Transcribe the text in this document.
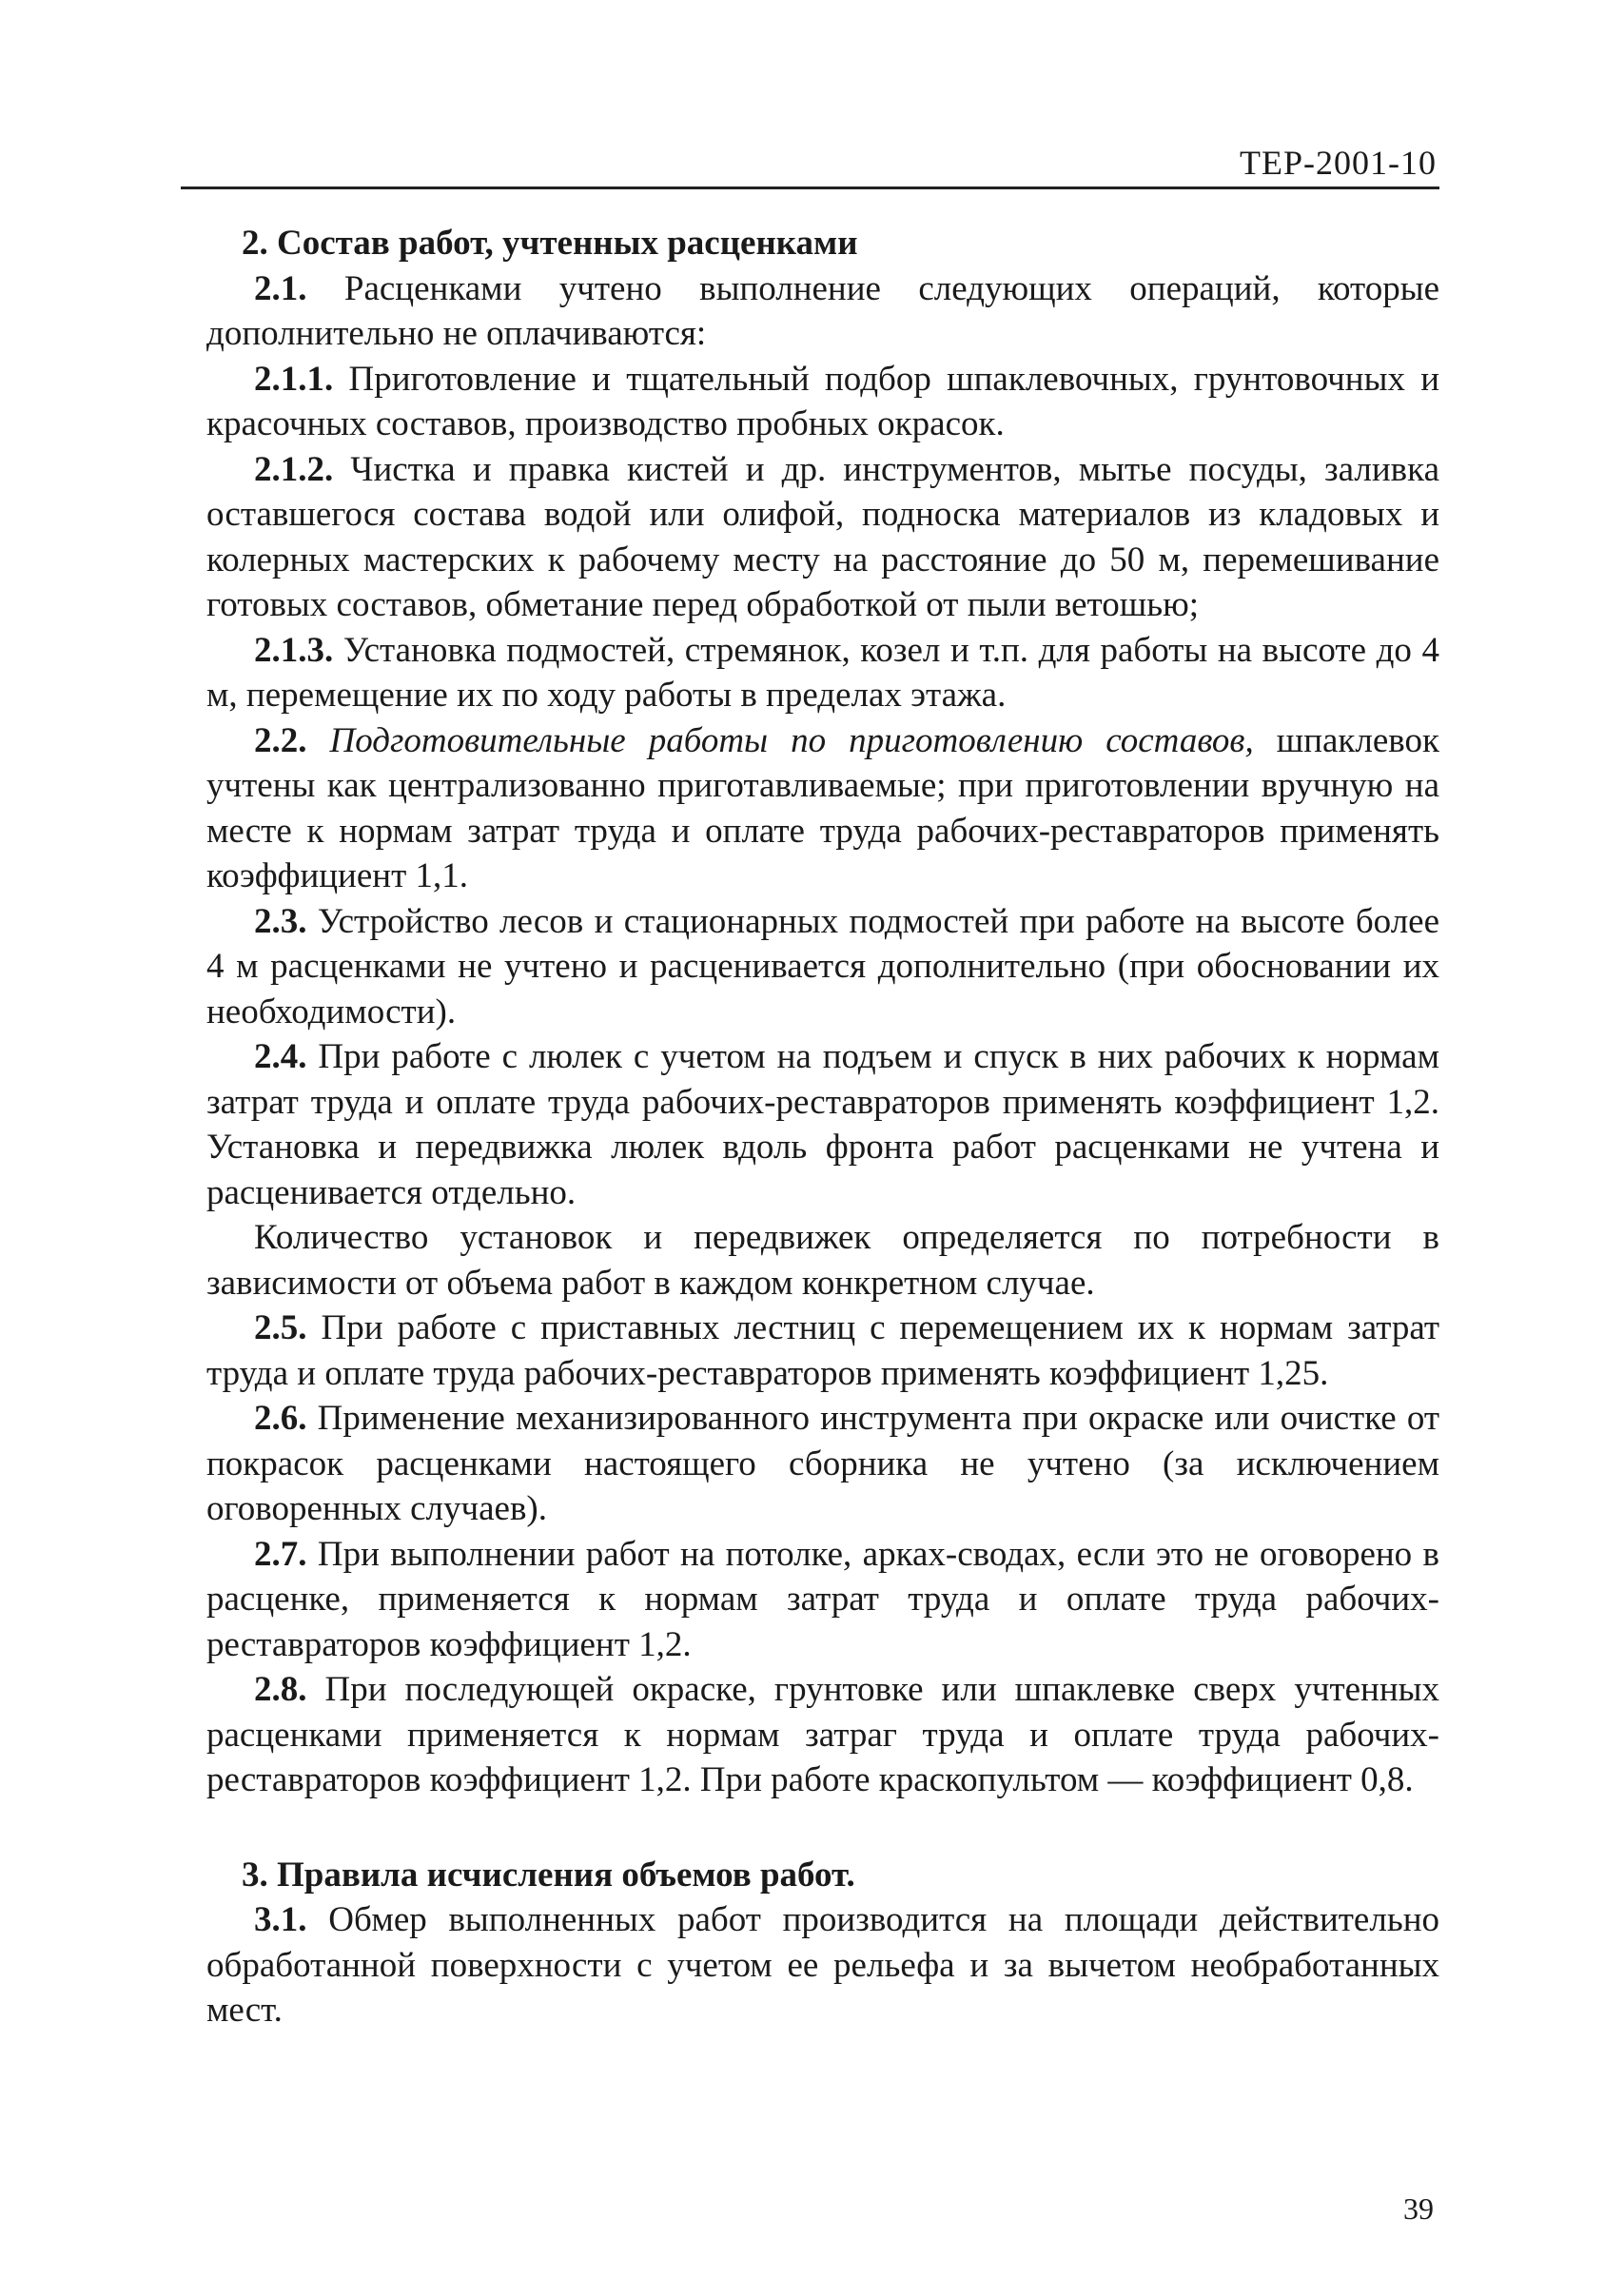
ТЕР-2001-10
2. Состав работ, учтенных расценками

2.1. Расценками учтено выполнение следующих операций, которые дополнительно не оплачиваются:

2.1.1. Приготовление и тщательный подбор шпаклевочных, грунтовочных и красочных составов, производство пробных окрасок.

2.1.2. Чистка и правка кистей и др. инструментов, мытье посуды, заливка оставшегося состава водой или олифой, подноска материалов из кладовых и колерных мастерских к рабочему месту на расстояние до 50 м, перемешивание готовых составов, обметание перед обработкой от пыли ветошью;

2.1.3. Установка подмостей, стремянок, козел и т.п. для работы на высоте до 4 м, перемещение их по ходу работы в пределах этажа.

2.2. Подготовительные работы по приготовлению составов, шпаклевок учтены как централизованно приготавливаемые; при приготовлении вручную на месте к нормам затрат труда и оплате труда рабочих-реставраторов применять коэффициент 1,1.

2.3. Устройство лесов и стационарных подмостей при работе на высоте более 4 м расценками не учтено и расценивается дополнительно (при обосновании их необходимости).

2.4. При работе с люлек с учетом на подъем и спуск в них рабочих к нормам затрат труда и оплате труда рабочих-реставраторов применять коэффициент 1,2. Установка и передвижка люлек вдоль фронта работ расценками не учтена и расценивается отдельно.

Количество установок и передвижек определяется по потребности в зависимости от объема работ в каждом конкретном случае.

2.5. При работе с приставных лестниц с перемещением их к нормам затрат труда и оплате труда рабочих-реставраторов применять коэффициент 1,25.

2.6. Применение механизированного инструмента при окраске или очистке от покрасок расценками настоящего сборника не учтено (за исключением оговоренных случаев).

2.7. При выполнении работ на потолке, арках-сводах, если это не оговорено в расценке, применяется к нормам затрат труда и оплате труда рабочих-реставраторов коэффициент 1,2.

2.8. При последующей окраске, грунтовке или шпаклевке сверх учтенных расценками применяется к нормам затраг труда и оплате труда рабочих-реставраторов коэффициент 1,2. При работе краскопультом — коэффициент 0,8.

3. Правила исчисления объемов работ.

3.1. Обмер выполненных работ производится на площади действительно обработанной поверхности с учетом ее рельефа и за вычетом необработанных мест.

39
